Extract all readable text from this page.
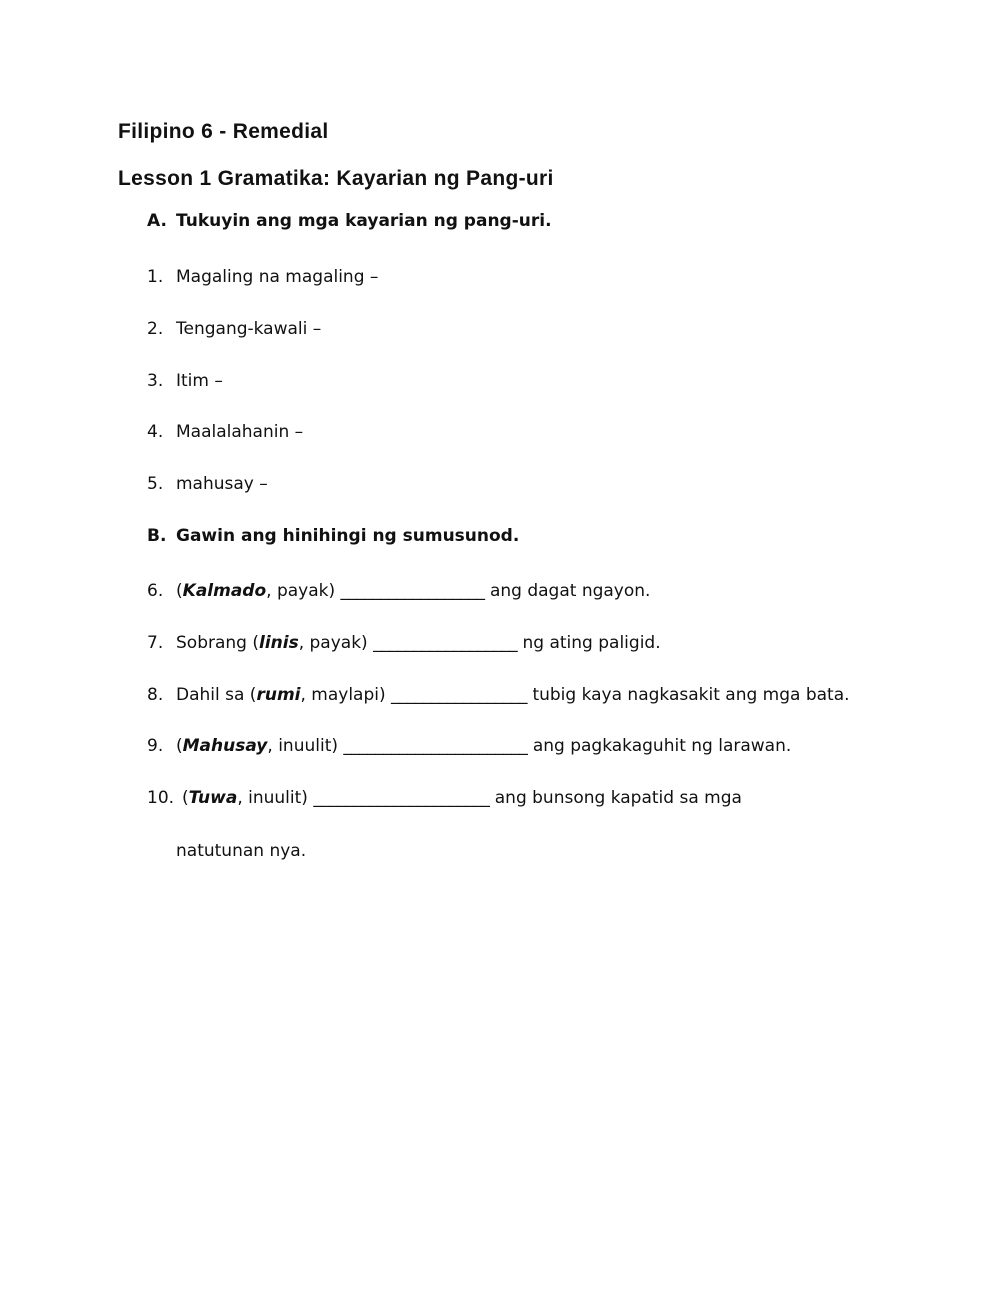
Filipino 6 - Remedial
Lesson 1 Gramatika: Kayarian ng Pang-uri
A. Tukuyin ang mga kayarian ng pang-uri.
1. Magaling na magaling –
2. Tengang-kawali –
3. Itim –
4. Maalalahanin –
5. mahusay –
B. Gawin ang hinihingi ng sumusunod.
6. (Kalmado, payak) __________________ ang dagat ngayon.
7. Sobrang (linis, payak) __________________ ng ating paligid.
8. Dahil sa (rumi, maylapi) _________________ tubig kaya nagkasakit ang mga bata.
9. (Mahusay, inuulit) _______________________ ang pagkakaguhit ng larawan.
10. (Tuwa, inuulit) ______________________ ang bunsong kapatid sa mga
natutunan nya.
